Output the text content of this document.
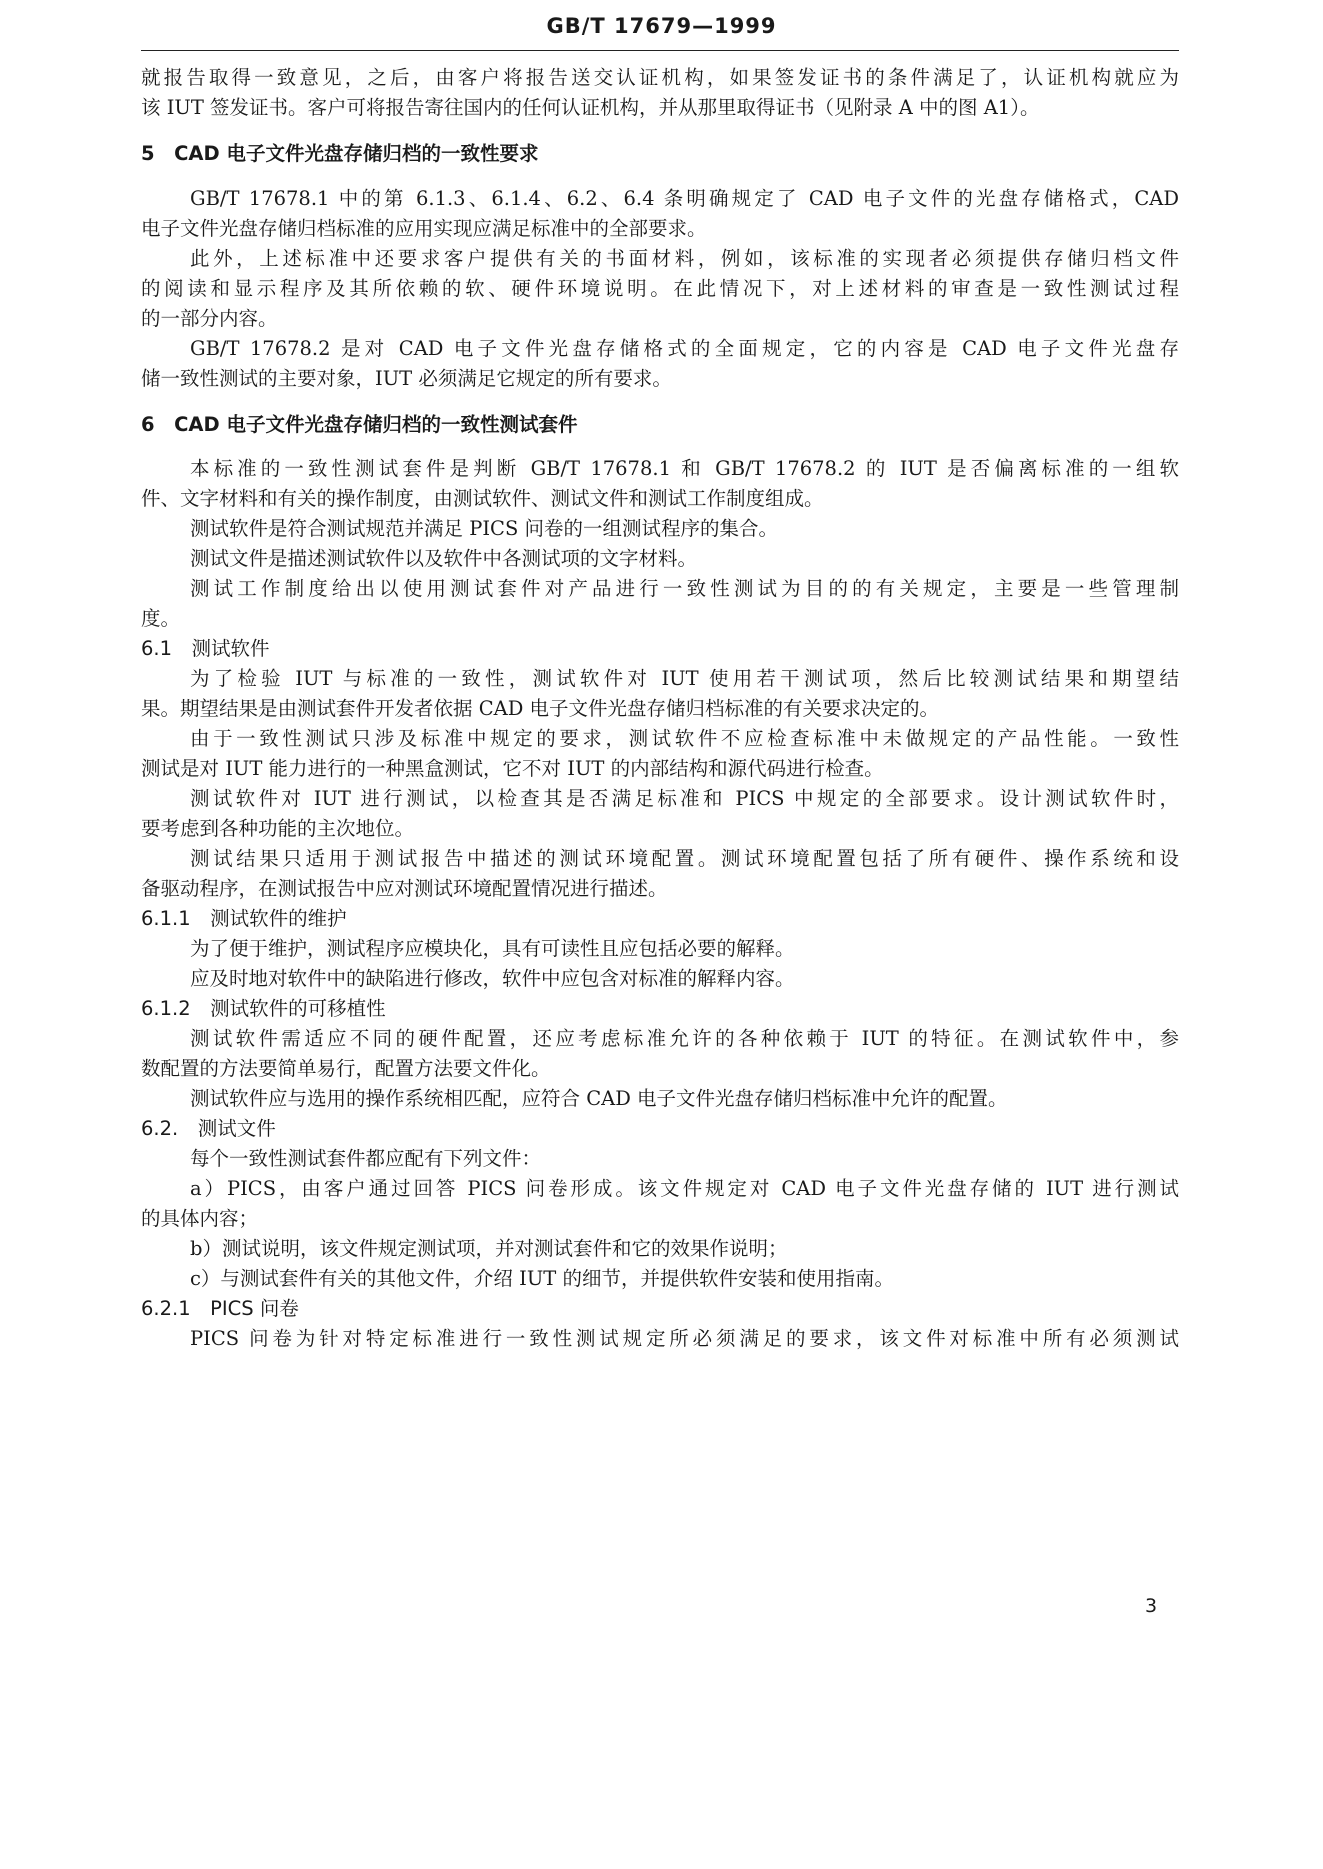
GB/T 17679—1999
就报告取得一致意见，之后，由客户将报告送交认证机构，如果签发证书的条件满足了，认证机构就应为
该 IUT 签发证书。客户可将报告寄往国内的任何认证机构，并从那里取得证书（见附录 A 中的图 A1）。
5　CAD 电子文件光盘存储归档的一致性要求
GB/T 17678.1 中的第 6.1.3、6.1.4、6.2、6.4 条明确规定了 CAD 电子文件的光盘存储格式，CAD
电子文件光盘存储归档标准的应用实现应满足标准中的全部要求。
此外，上述标准中还要求客户提供有关的书面材料，例如，该标准的实现者必须提供存储归档文件
的阅读和显示程序及其所依赖的软、硬件环境说明。在此情况下，对上述材料的审查是一致性测试过程
的一部分内容。
GB/T 17678.2 是对 CAD 电子文件光盘存储格式的全面规定，它的内容是 CAD 电子文件光盘存
储一致性测试的主要对象，IUT 必须满足它规定的所有要求。
6　CAD 电子文件光盘存储归档的一致性测试套件
本标准的一致性测试套件是判断 GB/T 17678.1 和 GB/T 17678.2 的 IUT 是否偏离标准的一组软
件、文字材料和有关的操作制度，由测试软件、测试文件和测试工作制度组成。
测试软件是符合测试规范并满足 PICS 问卷的一组测试程序的集合。
测试文件是描述测试软件以及软件中各测试项的文字材料。
测试工作制度给出以使用测试套件对产品进行一致性测试为目的的有关规定，主要是一些管理制
度。
6.1　测试软件
为了检验 IUT 与标准的一致性，测试软件对 IUT 使用若干测试项，然后比较测试结果和期望结
果。期望结果是由测试套件开发者依据 CAD 电子文件光盘存储归档标准的有关要求决定的。
由于一致性测试只涉及标准中规定的要求，测试软件不应检查标准中未做规定的产品性能。一致性
测试是对 IUT 能力进行的一种黑盒测试，它不对 IUT 的内部结构和源代码进行检查。
测试软件对 IUT 进行测试，以检查其是否满足标准和 PICS 中规定的全部要求。设计测试软件时，
要考虑到各种功能的主次地位。
测试结果只适用于测试报告中描述的测试环境配置。测试环境配置包括了所有硬件、操作系统和设
备驱动程序，在测试报告中应对测试环境配置情况进行描述。
6.1.1　测试软件的维护
为了便于维护，测试程序应模块化，具有可读性且应包括必要的解释。
应及时地对软件中的缺陷进行修改，软件中应包含对标准的解释内容。
6.1.2　测试软件的可移植性
测试软件需适应不同的硬件配置，还应考虑标准允许的各种依赖于 IUT 的特征。在测试软件中，参
数配置的方法要简单易行，配置方法要文件化。
测试软件应与选用的操作系统相匹配，应符合 CAD 电子文件光盘存储归档标准中允许的配置。
6.2.　测试文件
每个一致性测试套件都应配有下列文件：
a）PICS，由客户通过回答 PICS 问卷形成。该文件规定对 CAD 电子文件光盘存储的 IUT 进行测试
的具体内容；
b）测试说明，该文件规定测试项，并对测试套件和它的效果作说明；
c）与测试套件有关的其他文件，介绍 IUT 的细节，并提供软件安装和使用指南。
6.2.1　PICS 问卷
PICS 问卷为针对特定标准进行一致性测试规定所必须满足的要求，该文件对标准中所有必须测试
3
